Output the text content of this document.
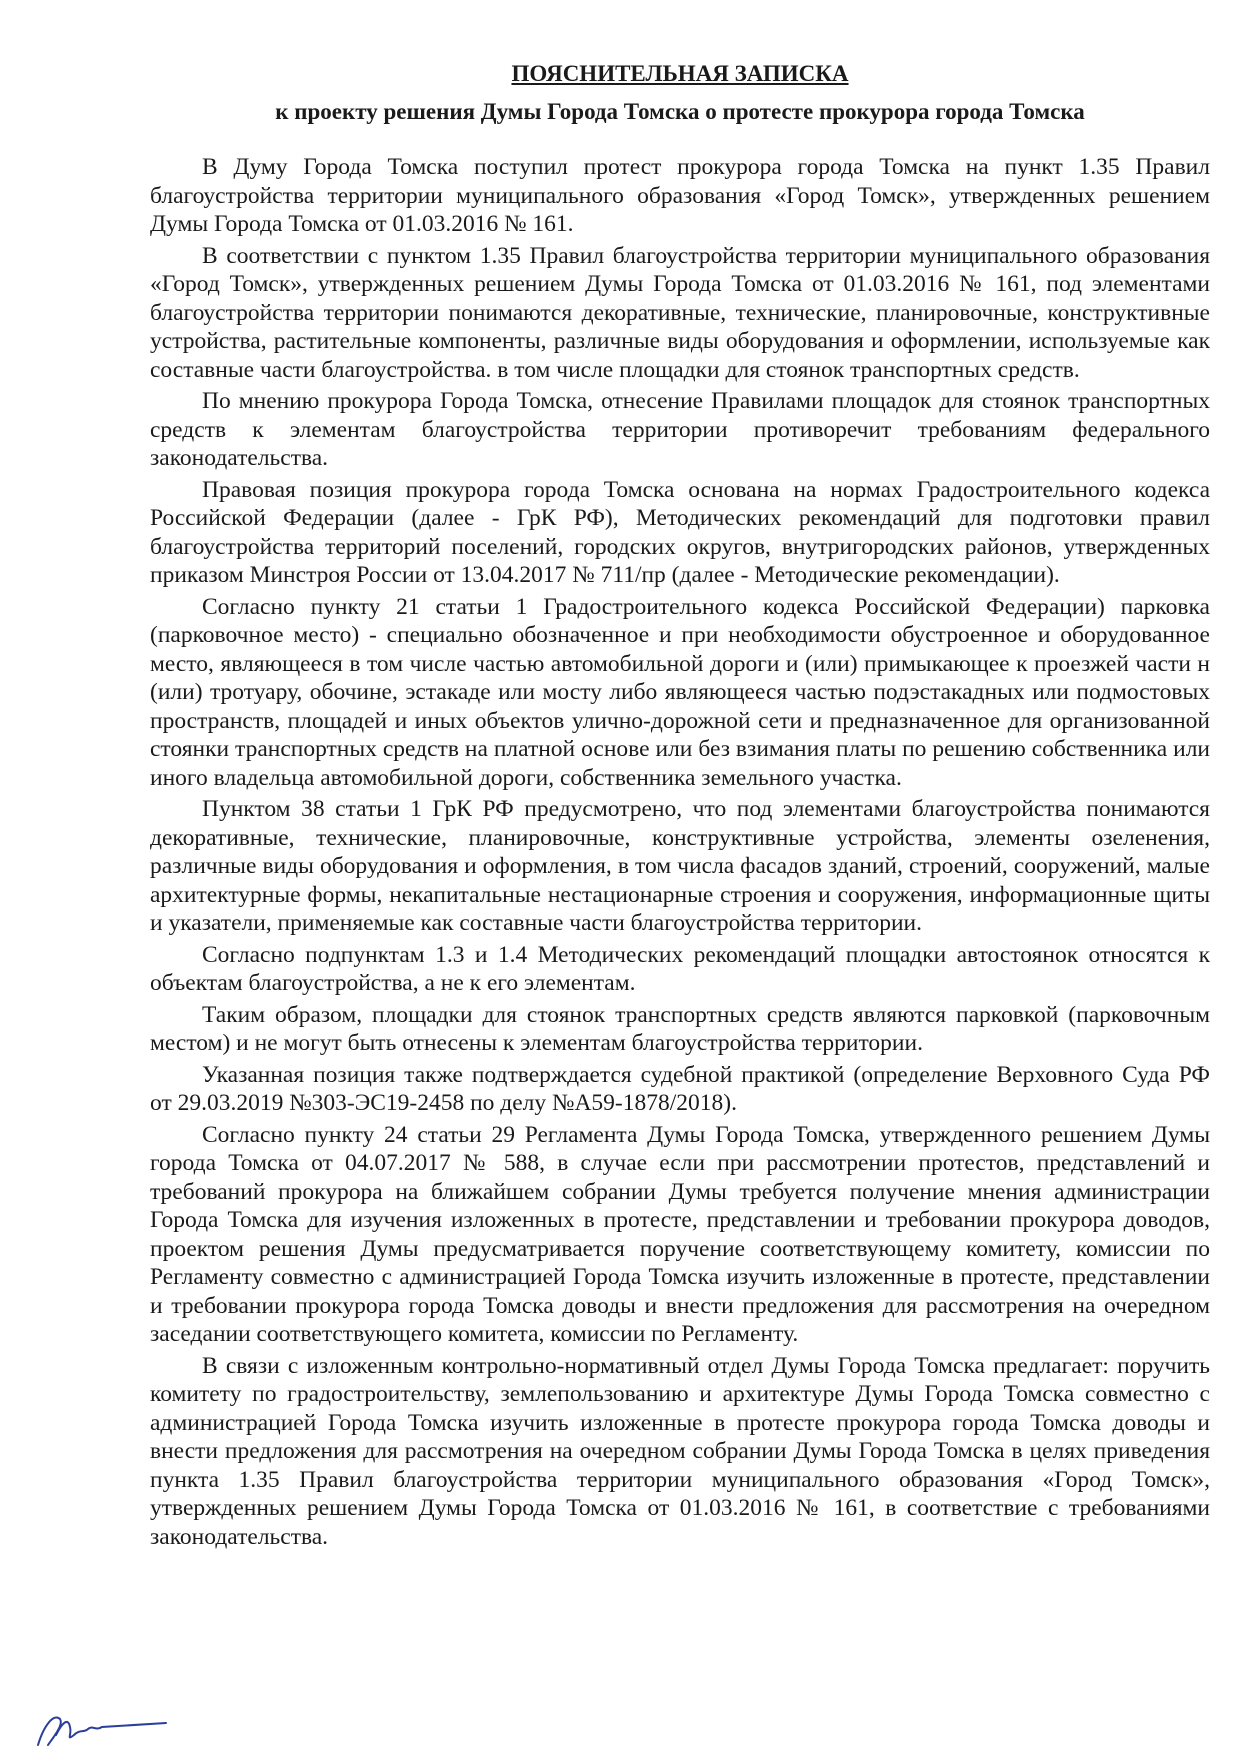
ПОЯСНИТЕЛЬНАЯ ЗАПИСКА
к проекту решения Думы Города Томска о протесте прокурора города Томска

В Думу Города Томска поступил протест прокурора города Томска на пункт 1.35 Правил благоустройства территории муниципального образования «Город Томск», утвержденных решением Думы Города Томска от 01.03.2016 № 161.

В соответствии с пунктом 1.35 Правил благоустройства территории муниципального образования «Город Томск», утвержденных решением Думы Города Томска от 01.03.2016 № 161, под элементами благоустройства территории понимаются декоративные, технические, планировочные, конструктивные устройства, растительные компоненты, различные виды оборудования и оформлении, используемые как составные части благоустройства. в том числе площадки для стоянок транспортных средств.

По мнению прокурора Города Томска, отнесение Правилами площадок для стоянок транспортных средств к элементам благоустройства территории противоречит требованиям федерального законодательства.

Правовая позиция прокурора города Томска основана на нормах Градостроительного кодекса Российской Федерации (далее - ГрК РФ), Методических рекомендаций для подготовки правил благоустройства территорий поселений, городских округов, внутригородских районов, утвержденных приказом Минстроя России от 13.04.2017 № 711/пр (далее - Методические рекомендации).

Согласно пункту 21 статьи 1 Градостроительного кодекса Российской Федерации) парковка (парковочное место) - специально обозначенное и при необходимости обустроенное и оборудованное место, являющееся в том числе частью автомобильной дороги и (или) примыкающее к проезжей части н (или) тротуару, обочине, эстакаде или мосту либо являющееся частью подэстакадных или подмостовых пространств, площадей и иных объектов улично-дорожной сети и предназначенное для организованной стоянки транспортных средств на платной основе или без взимания платы по решению собственника или иного владельца автомобильной дороги, собственника земельного участка.

Пунктом 38 статьи 1 ГрК РФ предусмотрено, что под элементами благоустройства понимаются декоративные, технические, планировочные, конструктивные устройства, элементы озеленения, различные виды оборудования и оформления, в том числа фасадов зданий, строений, сооружений, малые архитектурные формы, некапитальные нестационарные строения и сооружения, информационные щиты и указатели, применяемые как составные части благоустройства территории.

Согласно подпунктам 1.3 и 1.4 Методических рекомендаций площадки автостоянок относятся к объектам благоустройства, а не к его элементам.

Таким образом, площадки для стоянок транспортных средств являются парковкой (парковочным местом) и не могут быть отнесены к элементам благоустройства территории.

Указанная позиция также подтверждается судебной практикой (определение Верховного Суда РФ от 29.03.2019 №303-ЭС19-2458 по делу №А59-1878/2018).

Согласно пункту 24 статьи 29 Регламента Думы Города Томска, утвержденного решением Думы города Томска от 04.07.2017 № 588, в случае если при рассмотрении протестов, представлений и требований прокурора на ближайшем собрании Думы требуется получение мнения администрации Города Томска для изучения изложенных в протесте, представлении и требовании прокурора доводов, проектом решения Думы предусматривается поручение соответствующему комитету, комиссии по Регламенту совместно с администрацией Города Томска изучить изложенные в протесте, представлении и требовании прокурора города Томска доводы и внести предложения для рассмотрения на очередном заседании соответствующего комитета, комиссии по Регламенту.

В связи с изложенным контрольно-нормативный отдел Думы Города Томска предлагает: поручить комитету по градостроительству, землепользованию и архитектуре Думы Города Томска совместно с администрацией Города Томска изучить изложенные в протесте прокурора города Томска доводы и внести предложения для рассмотрения на очередном собрании Думы Города Томска в целях приведения пункта 1.35 Правил благоустройства территории муниципального образования «Город Томск», утвержденных решением Думы Города Томска от 01.03.2016 № 161, в соответствие с требованиями законодательства.
